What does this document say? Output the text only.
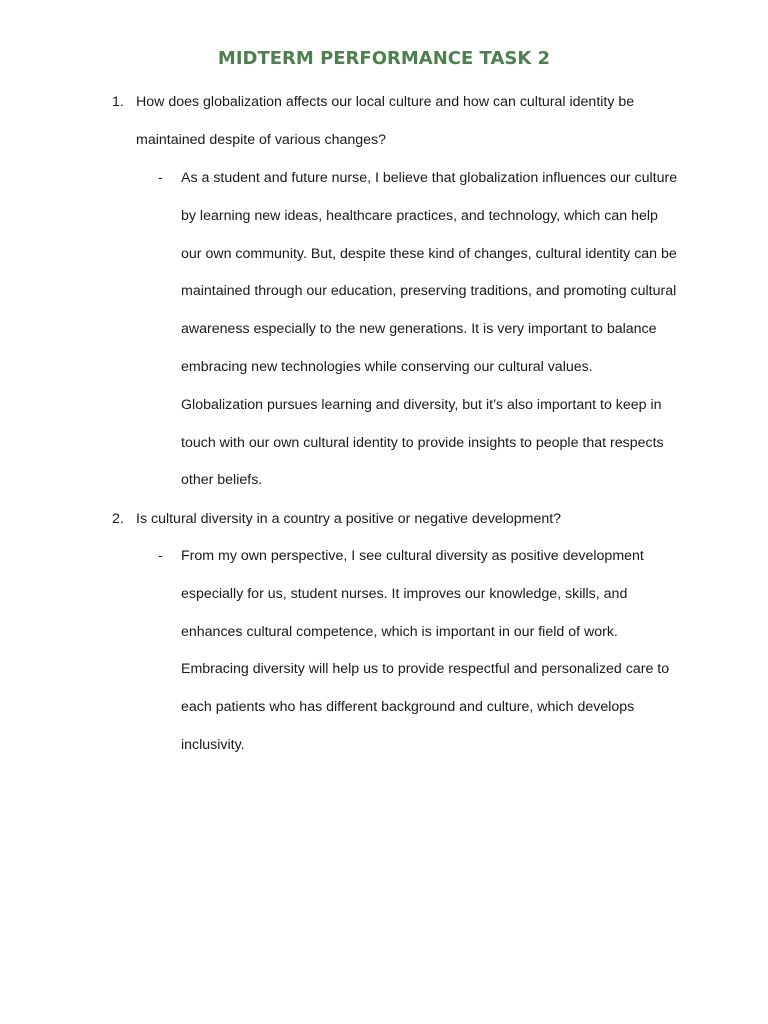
MIDTERM PERFORMANCE TASK 2
1. How does globalization affects our local culture and how can cultural identity be maintained despite of various changes?
- As a student and future nurse, I believe that globalization influences our culture by learning new ideas, healthcare practices, and technology, which can help our own community. But, despite these kind of changes, cultural identity can be maintained through our education, preserving traditions, and promoting cultural awareness especially to the new generations. It is very important to balance embracing new technologies while conserving our cultural values. Globalization pursues learning and diversity, but it’s also important to keep in touch with our own cultural identity to provide insights to people that respects other beliefs.
2. Is cultural diversity in a country a positive or negative development?
- From my own perspective, I see cultural diversity as positive development especially for us, student nurses. It improves our knowledge, skills, and enhances cultural competence, which is important in our field of work. Embracing diversity will help us to provide respectful and personalized care to each patients who has different background and culture, which develops inclusivity.
